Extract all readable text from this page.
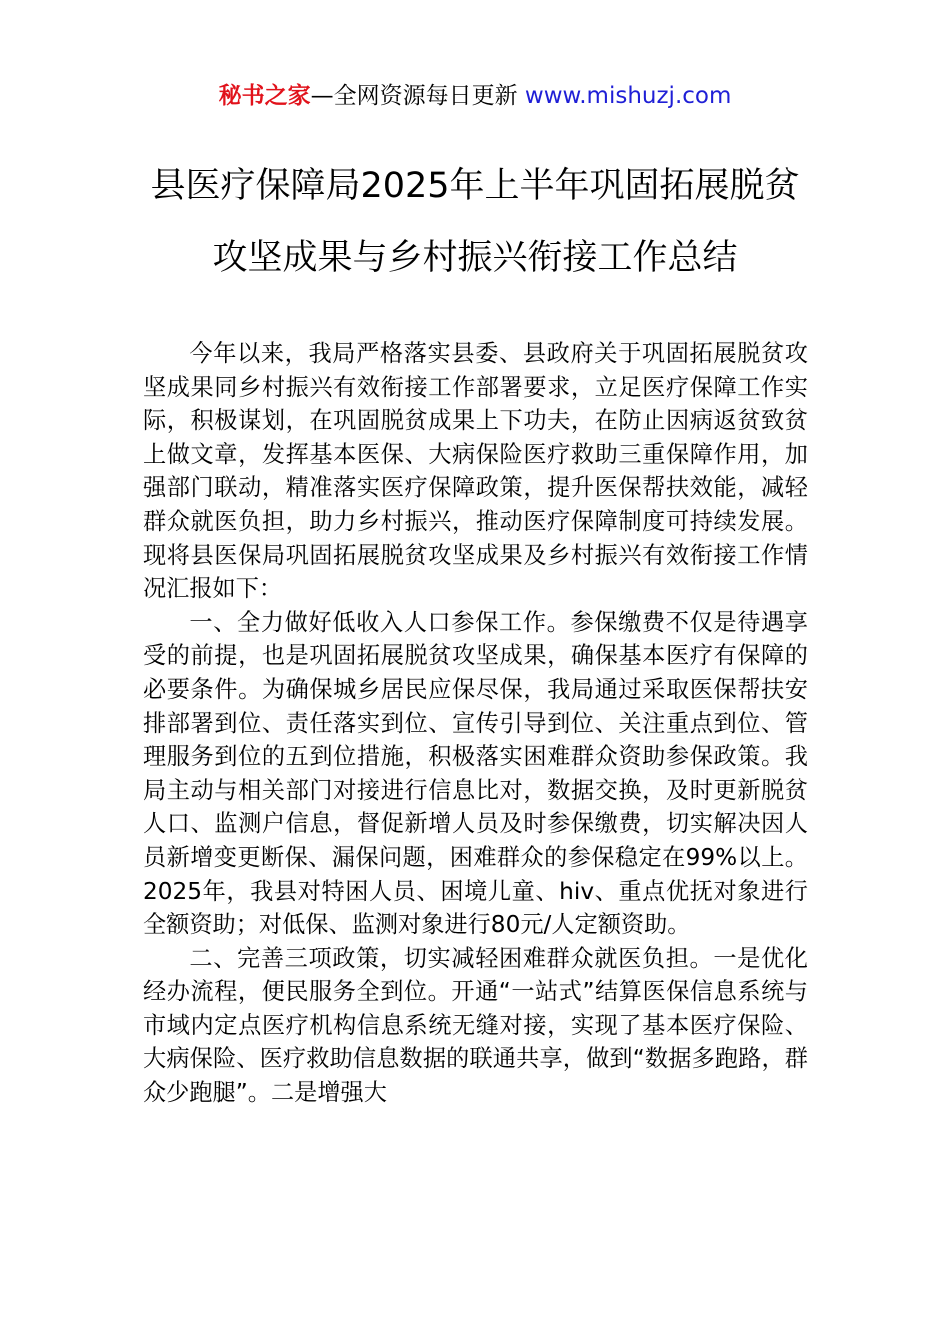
秘书之家—全网资源每日更新 www.mishuzj.com
县医疗保障局2025年上半年巩固拓展脱贫
攻坚成果与乡村振兴衔接工作总结

今年以来，我局严格落实县委、县政府关于巩固拓展脱贫攻坚成果同乡村振兴有效衔接工作部署要求，立足医疗保障工作实际，积极谋划，在巩固脱贫成果上下功夫，在防止因病返贫致贫上做文章，发挥基本医保、大病保险医疗救助三重保障作用，加强部门联动，精准落实医疗保障政策，提升医保帮扶效能，减轻群众就医负担，助力乡村振兴，推动医疗保障制度可持续发展。现将县医保局巩固拓展脱贫攻坚成果及乡村振兴有效衔接工作情况汇报如下：

一、全力做好低收入人口参保工作。参保缴费不仅是待遇享受的前提，也是巩固拓展脱贫攻坚成果，确保基本医疗有保障的必要条件。为确保城乡居民应保尽保，我局通过采取医保帮扶安排部署到位、责任落实到位、宣传引导到位、关注重点到位、管理服务到位的五到位措施，积极落实困难群众资助参保政策。我局主动与相关部门对接进行信息比对，数据交换，及时更新脱贫人口、监测户信息，督促新增人员及时参保缴费，切实解决因人员新增变更断保、漏保问题，困难群众的参保稳定在99%以上。2025年，我县对特困人员、困境儿童、hiv、重点优抚对象进行全额资助；对低保、监测对象进行80元/人定额资助。

二、完善三项政策，切实减轻困难群众就医负担。一是优化经办流程，便民服务全到位。开通“一站式”结算医保信息系统与市域内定点医疗机构信息系统无缝对接，实现了基本医疗保险、大病保险、医疗救助信息数据的联通共享，做到“数据多跑路，群众少跑腿”。二是增强大
